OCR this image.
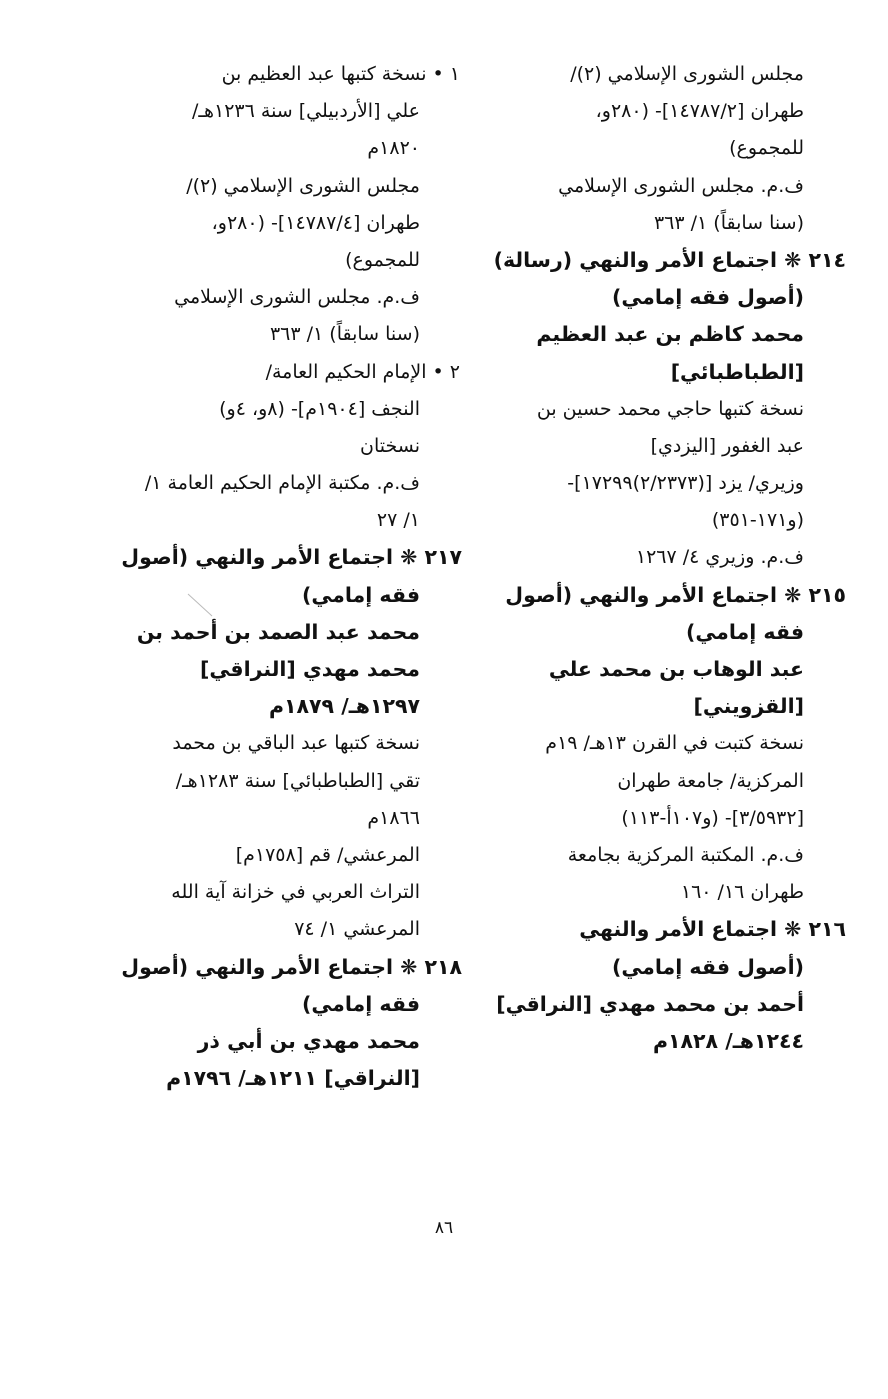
مجلس الشورى الإسلامي (٢)/
طهران [١٤٧٨٧/٢]- (٢٨٠و،
للمجموع)
ف.م. مجلس الشورى الإسلامي
(سنا سابقاً) ١/ ٣٦٣
٢١٤ ❋ اجتماع الأمر والنهي (رسالة)
(أصول فقه إمامي)
محمد كاظم بن عبد العظيم
[الطباطبائي]
نسخة كتبها حاجي محمد حسين بن
عبد الغفور [اليزدي]
وزيري/ يزد [(٢/٢٣٧٣)١٧٢٩٩]-
(و١٧١-٣٥١)
ف.م. وزيري ٤/ ١٢٦٧
٢١٥ ❋ اجتماع الأمر والنهي (أصول
فقه إمامي)
عبد الوهاب بن محمد علي
[القزويني]
نسخة كتبت في القرن ١٣هـ/ ١٩م
المركزية/ جامعة طهران
[٣/٥٩٣٢]- (و١٠٧أ-١١٣)
ف.م. المكتبة المركزية بجامعة
طهران ١٦/ ١٦٠
٢١٦ ❋ اجتماع الأمر والنهي
(أصول فقه إمامي)
أحمد بن محمد مهدي [النراقي]
١٢٤٤هـ/ ١٨٢٨م
١ • نسخة كتبها عبد العظيم بن
علي [الأردبيلي] سنة ١٢٣٦هـ/
١٨٢٠م
مجلس الشورى الإسلامي (٢)/
طهران [١٤٧٨٧/٤]- (٢٨٠و،
للمجموع)
ف.م. مجلس الشورى الإسلامي
(سنا سابقاً) ١/ ٣٦٣
٢ • الإمام الحكيم العامة/
النجف [١٩٠٤م]- (٨و، ٤و)
نسختان
ف.م. مكتبة الإمام الحكيم العامة ١/
١/ ٢٧
٢١٧ ❋ اجتماع الأمر والنهي (أصول
فقه إمامي)
محمد عبد الصمد بن أحمد بن
محمد مهدي [النراقي]
١٢٩٧هـ/ ١٨٧٩م
نسخة كتبها عبد الباقي بن محمد
تقي [الطباطبائي] سنة ١٢٨٣هـ/
١٨٦٦م
المرعشي/ قم [١٧٥٨م]
التراث العربي في خزانة آية الله
المرعشي ١/ ٧٤
٢١٨ ❋ اجتماع الأمر والنهي (أصول
فقه إمامي)
محمد مهدي بن أبي ذر
[النراقي] ١٢١١هـ/ ١٧٩٦م
٨٦
